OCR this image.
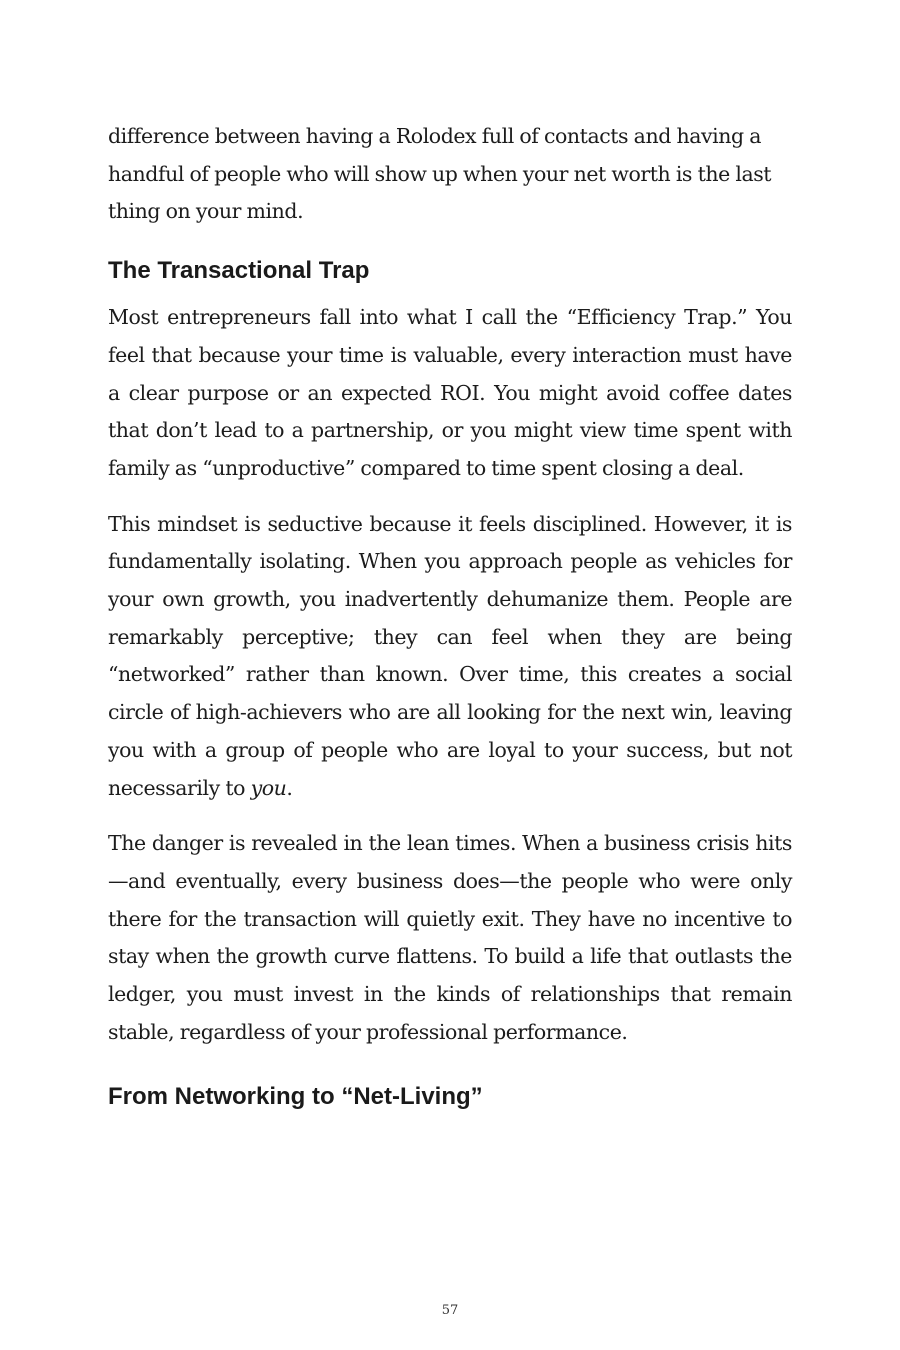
difference between having a Rolodex full of contacts and having a handful of people who will show up when your net worth is the last thing on your mind.

The Transactional Trap

Most entrepreneurs fall into what I call the “Efficiency Trap.” You feel that because your time is valuable, every interaction must have a clear purpose or an expected ROI. You might avoid coffee dates that don’t lead to a partnership, or you might view time spent with family as “unproductive” compared to time spent closing a deal.

This mindset is seductive because it feels disciplined. However, it is fundamentally isolating. When you approach people as vehicles for your own growth, you inadvertently dehumanize them. People are remarkably perceptive; they can feel when they are being “networked” rather than known. Over time, this creates a social circle of high-achievers who are all looking for the next win, leaving you with a group of people who are loyal to your success, but not necessarily to you.

The danger is revealed in the lean times. When a business crisis hits—and eventually, every business does—the people who were only there for the transaction will quietly exit. They have no incentive to stay when the growth curve flattens. To build a life that outlasts the ledger, you must invest in the kinds of relationships that remain stable, regardless of your professional performance.

From Networking to “Net-Living”
57
